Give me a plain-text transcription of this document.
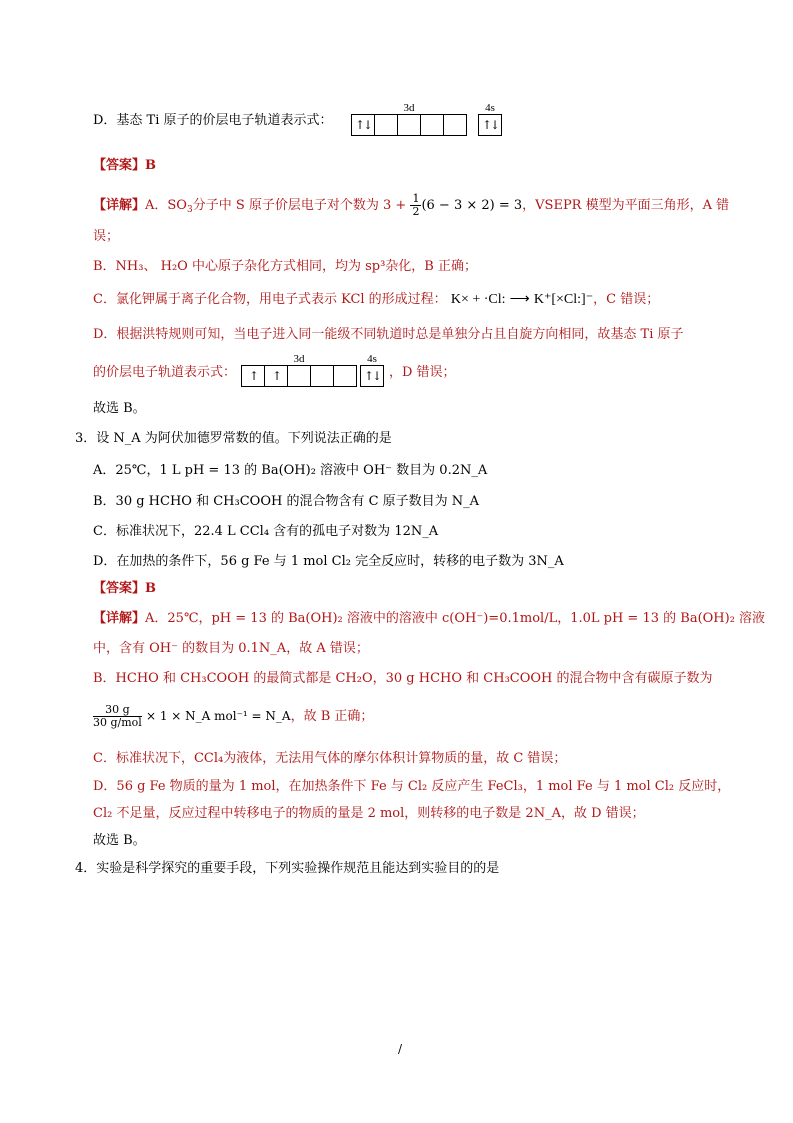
D．基态 Ti 原子的价层电子轨道表示式：
3d
↑↓
4s
↑↓
【答案】B
【详解】A．$SO_3$分子中 S 原子价层电子对个数为 $3 + \frac{1}{2} (6 - 3 \times 2) = 3$，VSEPR 模型为平面三角形，A 错
误；
B．NH₃、 H₂O 中心原子杂化方式相同，均为 sp³杂化，B 正确；
C．氯化钾属于离子化合物，用电子式表示 KCl 的形成过程： K× + ·Cl: ⟶ K⁺[×Cl:]⁻，C 错误；
D．根据洪特规则可知，当电子进入同一能级不同轨道时总是单独分占且自旋方向相同，故基态 Ti 原子
的价层电子轨道表示式：
3d
↑	↑
4s
↑↓ ，D 错误；
故选 B。
3．设 N_A 为阿伏加德罗常数的值。下列说法正确的是
A．25℃，1 L pH = 13 的 Ba(OH)₂ 溶液中 OH⁻ 数目为 0.2N_A
B．30 g HCHO 和 CH₃COOH 的混合物含有 C 原子数目为 N_A
C．标准状况下，22.4 L CCl₄ 含有的孤电子对数为 12N_A
D．在加热的条件下，56 g Fe 与 1 mol Cl₂ 完全反应时，转移的电子数为 3N_A
【答案】B
【详解】A．25℃，pH = 13 的 Ba(OH)₂ 溶液中的溶液中 c(OH⁻)=0.1mol/L，1.0L pH = 13 的 Ba(OH)₂ 溶液
中，含有 OH⁻ 的数目为 0.1N_A，故 A 错误；
B．HCHO 和 CH₃COOH 的最简式都是 CH₂O，30 g HCHO 和 CH₃COOH 的混合物中含有碳原子数为
$\frac{30 g}{\text{30 g/mol}} \times 1$ × N_A mol⁻¹ = N_A，故 B 正确；
C．标准状况下，CCl₄为液体，无法用气体的摩尔体积计算物质的量，故 C 错误；
D．56 g Fe 物质的量为 1 mol，在加热条件下 Fe 与 Cl₂ 反应产生 FeCl₃，1 mol Fe 与 1 mol Cl₂ 反应时，
Cl₂ 不足量，反应过程中转移电子的物质的量是 2 mol，则转移的电子数是 2N_A，故 D 错误；
故选 B。
4．实验是科学探究的重要手段，下列实验操作规范且能达到实验目的的是
/
